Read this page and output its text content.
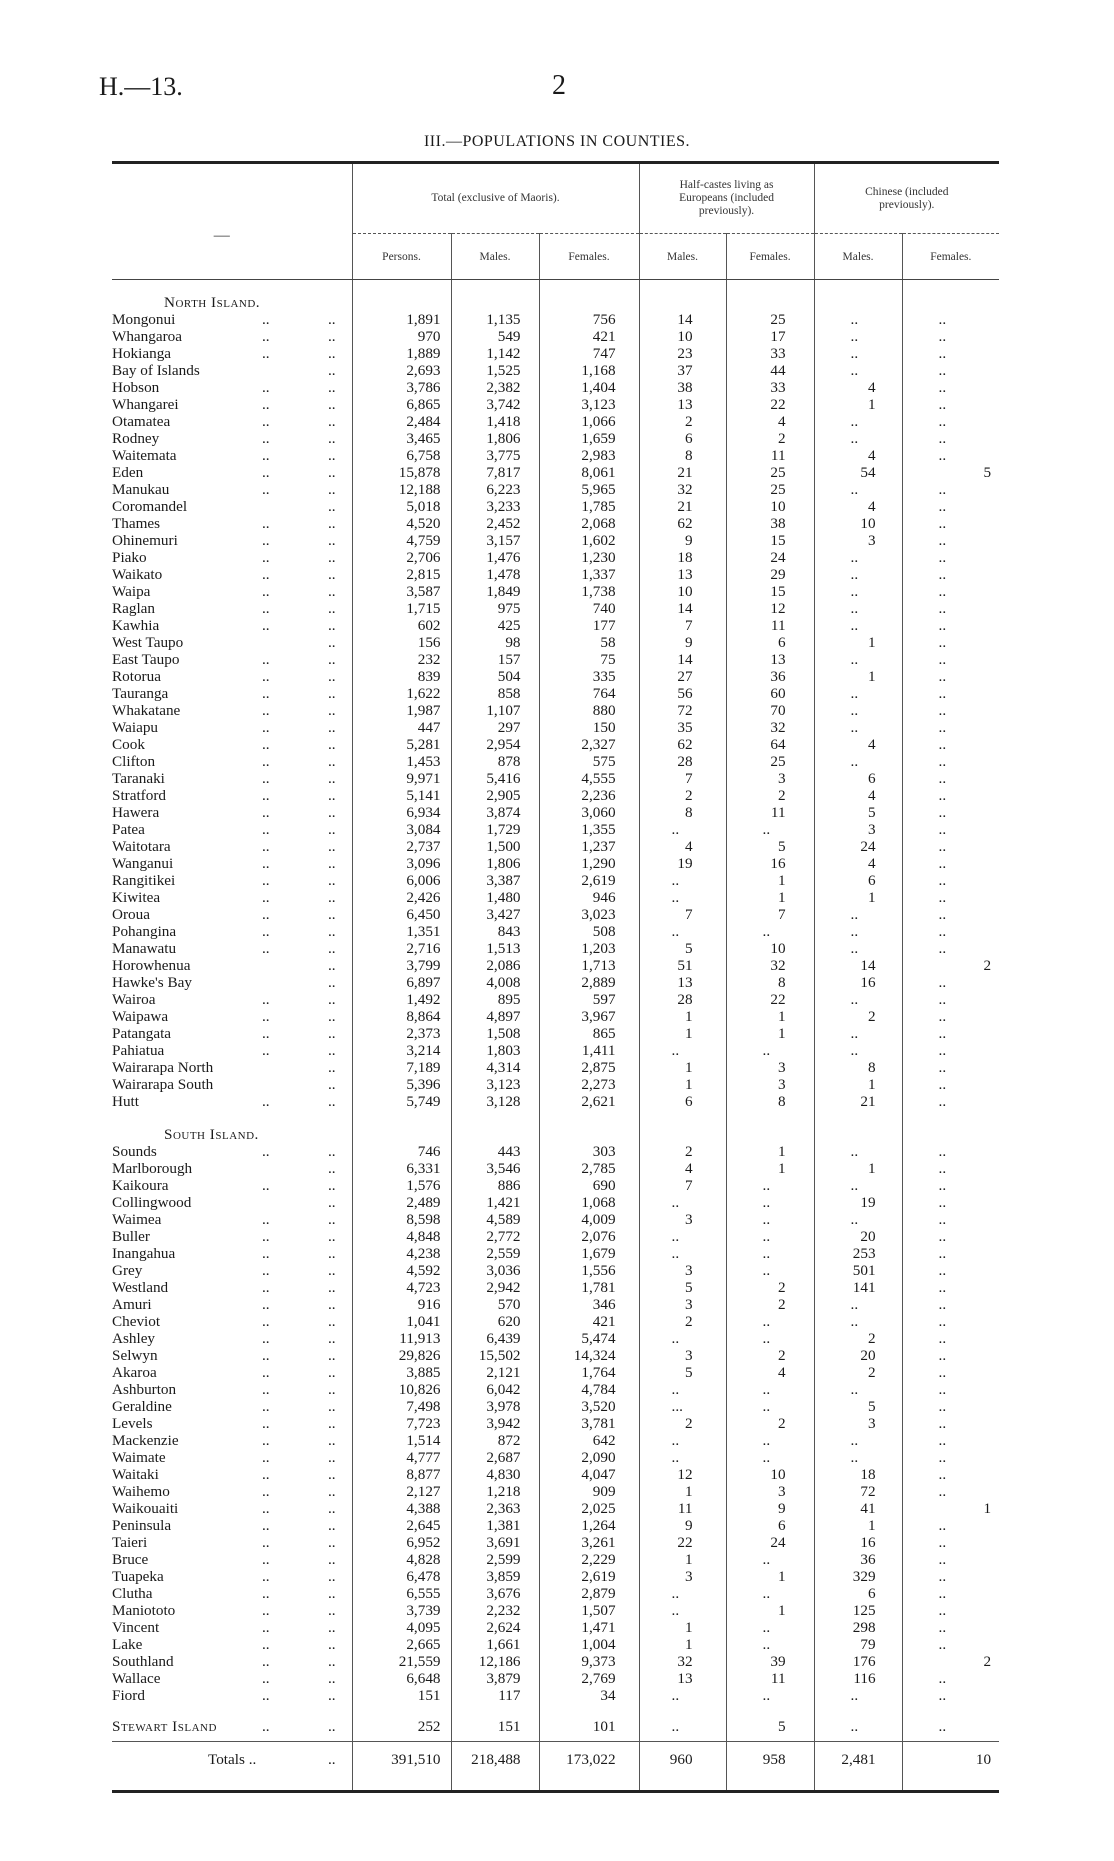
H.—13.	2
III.—POPULATIONS IN COUNTIES.
—	Total (exclusive of Maoris).			Half-castes living as Europeans (included previously).		Chinese (included previously).	
	Persons.	Males.	Females.	Males.	Females.	Males.	Females.

North Island.							

Mongonui .. ..	1,891	1,135	756	14	25	..	..

Whangaroa .. ..	970	549	421	10	17	..	..

Hokianga .. ..	1,889	1,142	747	23	33	..	..

Bay of Islands ..	2,693	1,525	1,168	37	44	..	..

Hobson .. ..	3,786	2,382	1,404	38	33	4	..

Whangarei .. ..	6,865	3,742	3,123	13	22	1	..

Otamatea .. ..	2,484	1,418	1,066	2	4	..	..

Rodney .. ..	3,465	1,806	1,659	6	2	..	..

Waitemata .. ..	6,758	3,775	2,983	8	11	4	..

Eden .. ..	15,878	7,817	8,061	21	25	54	5

Manukau .. ..	12,188	6,223	5,965	32	25	..	..

Coromandel ..	5,018	3,233	1,785	21	10	4	..

Thames .. ..	4,520	2,452	2,068	62	38	10	..

Ohinemuri .. ..	4,759	3,157	1,602	9	15	3	..

Piako .. ..	2,706	1,476	1,230	18	24	..	..

Waikato .. ..	2,815	1,478	1,337	13	29	..	..

Waipa .. ..	3,587	1,849	1,738	10	15	..	..

Raglan .. ..	1,715	975	740	14	12	..	..

Kawhia .. ..	602	425	177	7	11	..	..

West Taupo ..	156	98	58	9	6	1	..

East Taupo .. ..	232	157	75	14	13	..	..

Rotorua .. ..	839	504	335	27	36	1	..

Tauranga .. ..	1,622	858	764	56	60	..	..

Whakatane .. ..	1,987	1,107	880	72	70	..	..

Waiapu .. ..	447	297	150	35	32	..	..

Cook .. ..	5,281	2,954	2,327	62	64	4	..

Clifton .. ..	1,453	878	575	28	25	..	..

Taranaki .. ..	9,971	5,416	4,555	7	3	6	..

Stratford .. ..	5,141	2,905	2,236	2	2	4	..

Hawera .. ..	6,934	3,874	3,060	8	11	5	..

Patea .. ..	3,084	1,729	1,355	..	..	3	..

Waitotara .. ..	2,737	1,500	1,237	4	5	24	..

Wanganui .. ..	3,096	1,806	1,290	19	16	4	..

Rangitikei .. ..	6,006	3,387	2,619	..	1	6	..

Kiwitea .. ..	2,426	1,480	946	..	1	1	..

Oroua .. ..	6,450	3,427	3,023	7	7	..	..

Pohangina .. ..	1,351	843	508	..	..	..	..

Manawatu .. ..	2,716	1,513	1,203	5	10	..	..

Horowhenua ..	3,799	2,086	1,713	51	32	14	2

Hawke's Bay ..	6,897	4,008	2,889	13	8	16	..

Wairoa .. ..	1,492	895	597	28	22	..	..

Waipawa .. ..	8,864	4,897	3,967	1	1	2	..

Patangata .. ..	2,373	1,508	865	1	1	..	..

Pahiatua .. ..	3,214	1,803	1,411	..	..	..	..

Wairarapa North ..	7,189	4,314	2,875	1	3	8	..

Wairarapa South ..	5,396	3,123	2,273	1	3	1	..

Hutt .. ..	5,749	3,128	2,621	6	8	21	..

South Island.							

Sounds .. ..	746	443	303	2	1	..	..

Marlborough ..	6,331	3,546	2,785	4	1	1	..

Kaikoura .. ..	1,576	886	690	7	..	..	..

Collingwood ..	2,489	1,421	1,068	..	..	19	..

Waimea .. ..	8,598	4,589	4,009	3	..	..	..

Buller .. ..	4,848	2,772	2,076	..	..	20	..

Inangahua .. ..	4,238	2,559	1,679	..	..	253	..

Grey .. ..	4,592	3,036	1,556	3	..	501	..

Westland .. ..	4,723	2,942	1,781	5	2	141	..

Amuri .. ..	916	570	346	3	2	..	..

Cheviot .. ..	1,041	620	421	2	..	..	..

Ashley .. ..	11,913	6,439	5,474	..	..	2	..

Selwyn .. ..	29,826	15,502	14,324	3	2	20	..

Akaroa .. ..	3,885	2,121	1,764	5	4	2	..

Ashburton .. ..	10,826	6,042	4,784	..	..	..	..

Geraldine .. ..	7,498	3,978	3,520	...	..	5	..

Levels .. ..	7,723	3,942	3,781	2	2	3	..

Mackenzie .. ..	1,514	872	642	..	..	..	..

Waimate .. ..	4,777	2,687	2,090	..	..	..	..

Waitaki .. ..	8,877	4,830	4,047	12	10	18	..

Waihemo .. ..	2,127	1,218	909	1	3	72	..

Waikouaiti .. ..	4,388	2,363	2,025	11	9	41	1

Peninsula .. ..	2,645	1,381	1,264	9	6	1	..

Taieri .. ..	6,952	3,691	3,261	22	24	16	..

Bruce .. ..	4,828	2,599	2,229	1	..	36	..

Tuapeka .. ..	6,478	3,859	2,619	3	1	329	..

Clutha .. ..	6,555	3,676	2,879	..	..	6	..

Maniototo .. ..	3,739	2,232	1,507	..	1	125	..

Vincent .. ..	4,095	2,624	1,471	1	..	298	..

Lake .. ..	2,665	1,661	1,004	1	..	79	..

Southland .. ..	21,559	12,186	9,373	32	39	176	2

Wallace .. ..	6,648	3,879	2,769	13	11	116	..

Fiord .. ..	151	117	34	..	..	..	..

Stewart Island .. ..	252	151	101	..	5	..	..

Totals .. ..	391,510	218,488	173,022	960	958	2,481	10
